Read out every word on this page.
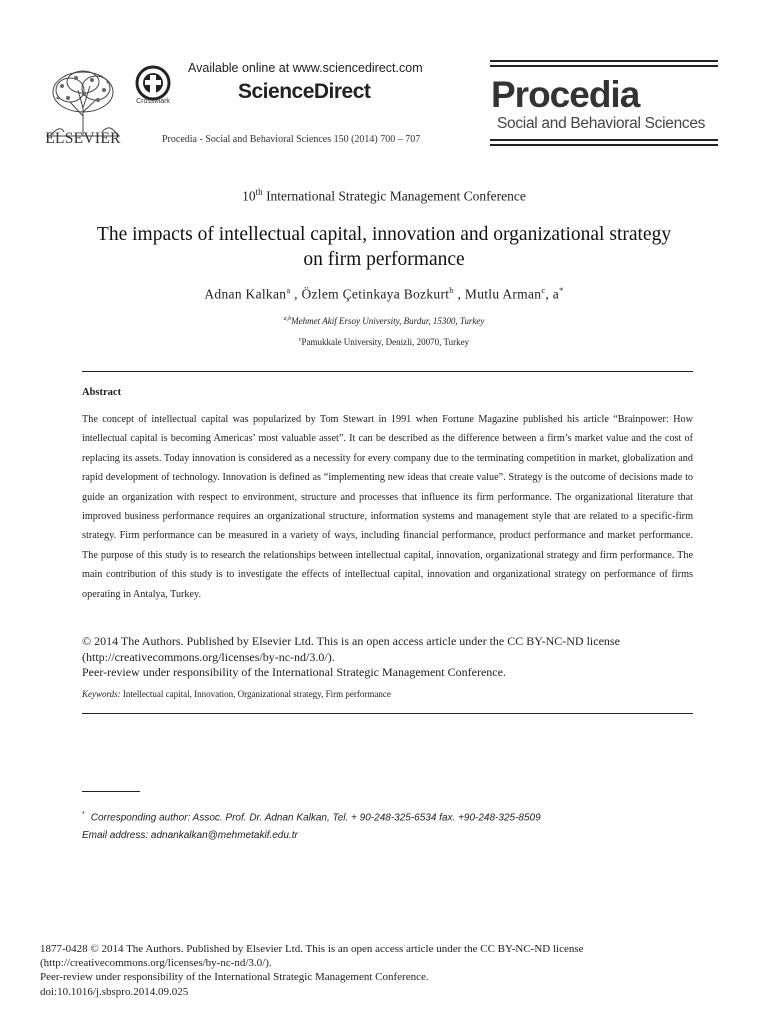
ELSEVIER
CrossMark
Available online at www.sciencedirect.com
ScienceDirect
Procedia - Social and Behavioral Sciences 150 (2014) 700 – 707
Procedia
Social and Behavioral Sciences
10th International Strategic Management Conference
The impacts of intellectual capital, innovation and organizational strategy on firm performance
Adnan Kalkan$^a$ , Özlem Çetinkaya Bozkurt$^b$ , Mutlu Arman$^c$, a*
$^{a,b}$Mehmet Akif Ersoy University, Burdur, 15300, Turkey
$^c$Pamukkale University, Denizli, 20070, Turkey
Abstract
The concept of intellectual capital was popularized by Tom Stewart in 1991 when Fortune Magazine published his article “Brainpower: How intellectual capital is becoming Americas’ most valuable asset”. It can be described as the difference between a firm’s market value and the cost of replacing its assets. Today innovation is considered as a necessity for every company due to the terminating competition in market, globalization and rapid development of technology. Innovation is defined as “implementing new ideas that create value”. Strategy is the outcome of decisions made to guide an organization with respect to environment, structure and processes that influence its firm performance. The organizational literature that improved business performance requires an organizational structure, information systems and management style that are related to a specific-firm strategy. Firm performance can be measured in a variety of ways, including financial performance, product performance and market performance. The purpose of this study is to research the relationships between intellectual capital, innovation, organizational strategy and firm performance. The main contribution of this study is to investigate the effects of intellectual capital, innovation and organizational strategy on performance of firms operating in Antalya, Turkey.
© 2014 The Authors. Published by Elsevier Ltd. This is an open access article under the CC BY-NC-ND license
(http://creativecommons.org/licenses/by-nc-nd/3.0/).
Peer-review under responsibility of the International Strategic Management Conference.
Keywords: Intellectual capital, Innovation, Organizational strategy, Firm performance
* Corresponding author: Assoc. Prof. Dr. Adnan Kalkan, Tel. + 90-248-325-6534 fax. +90-248-325-8509
Email address: adnankalkan@mehmetakif.edu.tr
1877-0428 © 2014 The Authors. Published by Elsevier Ltd. This is an open access article under the CC BY-NC-ND license
(http://creativecommons.org/licenses/by-nc-nd/3.0/).
Peer-review under responsibility of the International Strategic Management Conference.
doi:10.1016/j.sbspro.2014.09.025
